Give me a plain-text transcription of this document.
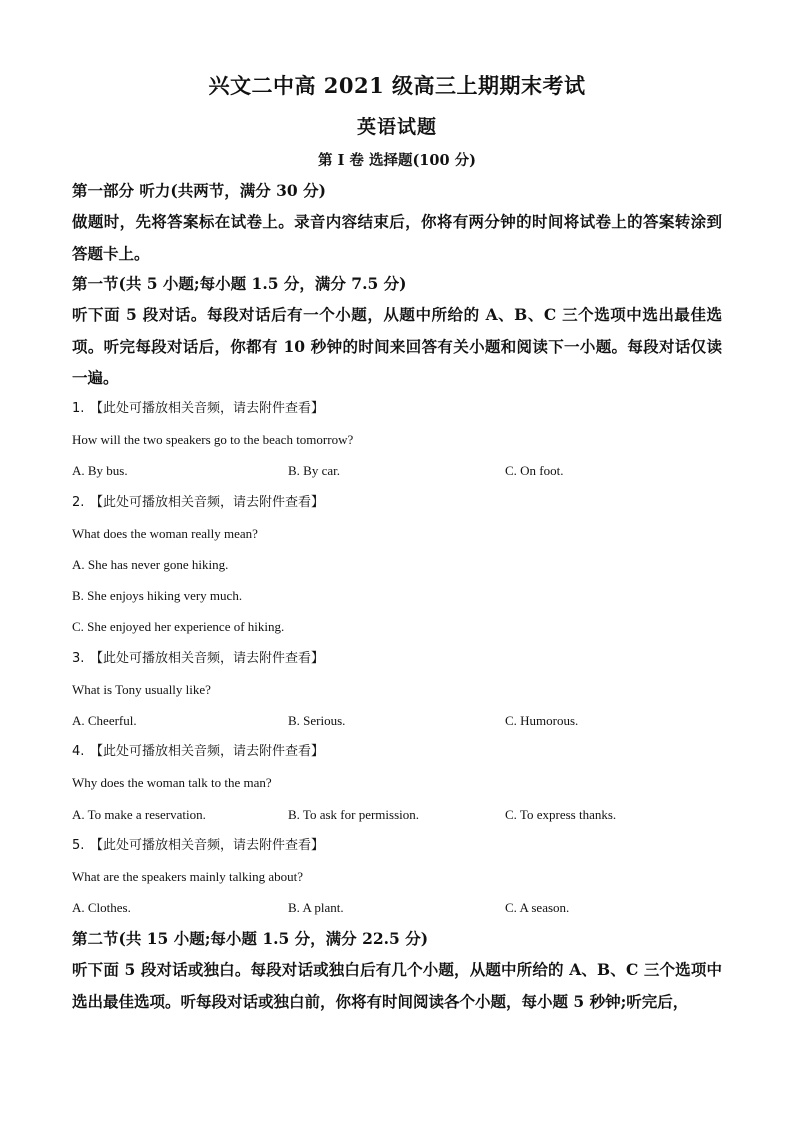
兴文二中高 2021 级高三上期期末考试
英语试题
第 I 卷 选择题(100 分)
第一部分 听力(共两节，满分 30 分)
做题时，先将答案标在试卷上。录音内容结束后，你将有两分钟的时间将试卷上的答案转涂到答题卡上。
第一节(共 5 小题;每小题 1.5 分，满分 7.5 分)
听下面 5 段对话。每段对话后有一个小题，从题中所给的 A、B、C 三个选项中选出最佳选项。听完每段对话后，你都有 10 秒钟的时间来回答有关小题和阅读下一小题。每段对话仅读一遍。
1. 【此处可播放相关音频，请去附件查看】
How will the two speakers go to the beach tomorrow?
A. By bus.	B. By car.	C. On foot.
2. 【此处可播放相关音频，请去附件查看】
What does the woman really mean?
A. She has never gone hiking.
B. She enjoys hiking very much.
C. She enjoyed her experience of hiking.
3. 【此处可播放相关音频，请去附件查看】
What is Tony usually like?
A. Cheerful.	B. Serious.	C. Humorous.
4. 【此处可播放相关音频，请去附件查看】
Why does the woman talk to the man?
A. To make a reservation.	B. To ask for permission.	C. To express thanks.
5. 【此处可播放相关音频，请去附件查看】
What are the speakers mainly talking about?
A. Clothes.	B. A plant.	C. A season.
第二节(共 15 小题;每小题 1.5 分，满分 22.5 分)
听下面 5 段对话或独白。每段对话或独白后有几个小题，从题中所给的 A、B、C 三个选项中选出最佳选项。听每段对话或独白前，你将有时间阅读各个小题，每小题 5 秒钟;听完后，
